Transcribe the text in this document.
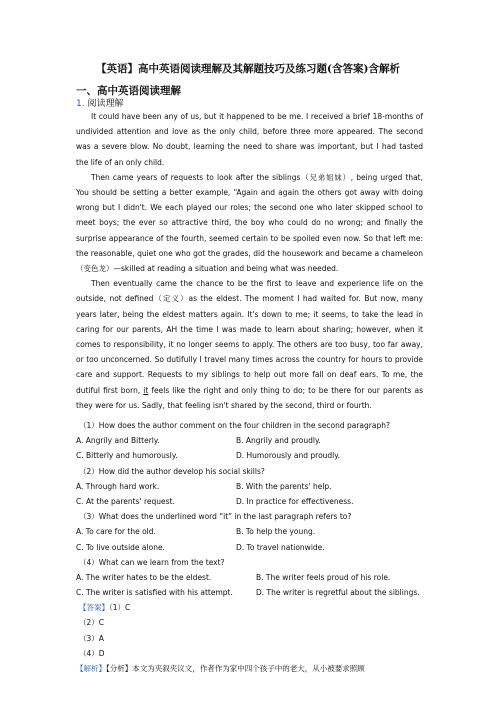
【英语】高中英语阅读理解及其解题技巧及练习题(含答案)含解析
一、高中英语阅读理解
1. 阅读理解

It could have been any of us, but it happened to be me. I received a brief 18-months of undivided attention and love as the only child, before three more appeared. The second was a severe blow. No doubt, learning the need to share was important, but I had tasted the life of an only child.

Then came years of requests to look after the siblings（兄弟姐妹）, being urged that, You should be setting a better example, “Again and again the others got away with doing wrong but I didn't. We each played our roles; the second one who later skipped school to meet boys; the ever so attractive third, the boy who could do no wrong; and finally the surprise appearance of the fourth, seemed certain to be spoiled even now. So that left me: the reasonable, quiet one who got the grades, did the housework and became a chameleon（变色龙）—skilled at reading a situation and being what was needed.

Then eventually came the chance to be the first to leave and experience life on the outside, not defined（定义）as the eldest. The moment I had waited for. But now, many years later, being the eldest matters again. It's down to me; it seems, to take the lead in caring for our parents, AH the time I was made to learn about sharing; however, when it comes to responsibility, it no longer seems to apply. The others are too busy, too far away, or too unconcerned. So dutifully I travel many times across the country for hours to provide care and support. Requests to my siblings to help out more fall on deaf ears. To me, the dutiful first born, it feels like the right and only thing to do; to be there for our parents as they were for us. Sadly, that feeling isn't shared by the second, third or fourth.

（1）How does the author comment on the four children in the second paragraph?
A. Angrily and Bitterly.	B. Angrily and proudly.
C. Bitterly and humorously.	D. Humorously and proudly.
（2）How did the author develop his social skills?
A. Through hard work.	B. With the parents' help.
C. At the parents' request.	D. In practice for effectiveness.
（3）What does the underlined word “it” in the last paragraph refers to?
A. To care for the old.	B. To help the young.
C. To live outside alone.	D. To travel nationwide.
（4）What can we learn from the text?
A. The writer hates to be the eldest.	B. The writer feels proud of his role.
C. The writer is satisfied with his attempt.	D. The writer is regretful about the siblings.
【答案】（1）C
（2）C
（3）A
（4）D
【解析】【分析】本文为夹叙夹议文，作者作为家中四个孩子中的老大，从小被要求照顾
